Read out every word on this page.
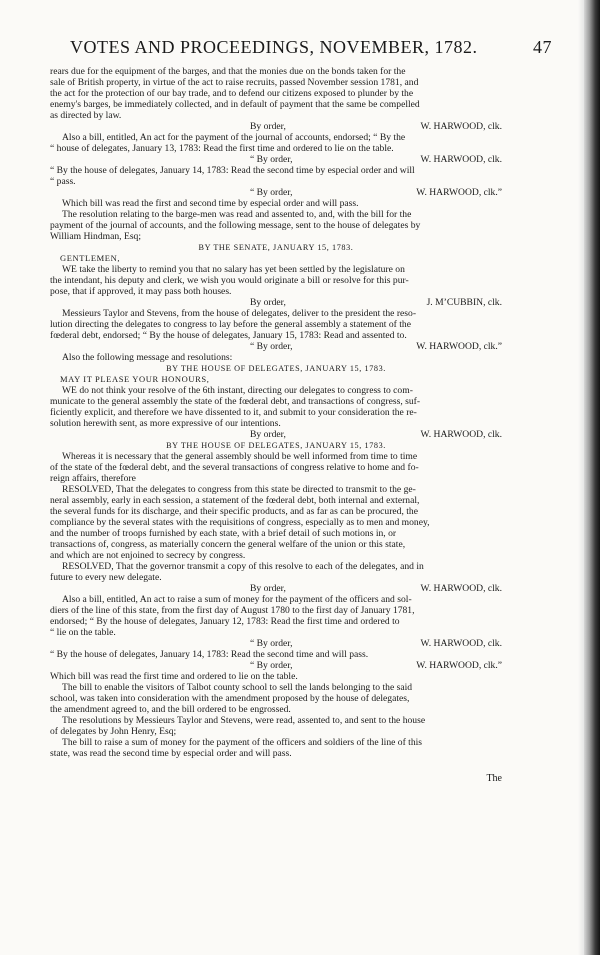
VOTES AND PROCEEDINGS, NOVEMBER, 1782.	47

rears due for the equipment of the barges, and that the monies due on the bonds taken for the

sale of British property, in virtue of the act to raise recruits, passed November session 1781, and

the act for the protection of our bay trade, and to defend our citizens exposed to plunder by the

enemy's barges, be immediately collected, and in default of payment that the same be compelled

as directed by law.

By order,	W. HARWOOD, clk.

Also a bill, entitled, An act for the payment of the journal of accounts, endorsed; “ By the

“ house of delegates, January 13, 1783: Read the first time and ordered to lie on the table.

“ By order,	W. HARWOOD, clk.

“ By the house of delegates, January 14, 1783: Read the second time by especial order and will

“ pass.

“ By order,	W. HARWOOD, clk.”

Which bill was read the first and second time by especial order and will pass.

The resolution relating to the barge-men was read and assented to, and, with the bill for the

payment of the journal of accounts, and the following message, sent to the house of delegates by

William Hindman, Esq;

BY THE SENATE, JANUARY 15, 1783.

GENTLEMEN,

WE take the liberty to remind you that no salary has yet been settled by the legislature on

the intendant, his deputy and clerk, we wish you would originate a bill or resolve for this pur-

pose, that if approved, it may pass both houses.

By order,	J. M’CUBBIN, clk.

Messieurs Taylor and Stevens, from the house of delegates, deliver to the president the reso-

lution directing the delegates to congress to lay before the general assembly a statement of the

fœderal debt, endorsed; “ By the house of delegates, January 15, 1783: Read and assented to.

“ By order,	W. HARWOOD, clk.”

Also the following message and resolutions:

BY THE HOUSE OF DELEGATES, JANUARY 15, 1783.

MAY IT PLEASE YOUR HONOURS,

WE do not think your resolve of the 6th instant, directing our delegates to congress to com-

municate to the general assembly the state of the fœderal debt, and transactions of congress, suf-

ficiently explicit, and therefore we have dissented to it, and submit to your consideration the re-

solution herewith sent, as more expressive of our intentions.

By order,	W. HARWOOD, clk.

BY THE HOUSE OF DELEGATES, JANUARY 15, 1783.

Whereas it is necessary that the general assembly should be well informed from time to time

of the state of the fœderal debt, and the several transactions of congress relative to home and fo-

reign affairs, therefore

RESOLVED, That the delegates to congress from this state be directed to transmit to the ge-

neral assembly, early in each session, a statement of the fœderal debt, both internal and external,

the several funds for its discharge, and their specific products, and as far as can be procured, the

compliance by the several states with the requisitions of congress, especially as to men and money,

and the number of troops furnished by each state, with a brief detail of such motions in, or

transactions of, congress, as materially concern the general welfare of the union or this state,

and which are not enjoined to secrecy by congress.

RESOLVED, That the governor transmit a copy of this resolve to each of the delegates, and in

future to every new delegate.

By order,	W. HARWOOD, clk.

Also a bill, entitled, An act to raise a sum of money for the payment of the officers and sol-

diers of the line of this state, from the first day of August 1780 to the first day of January 1781,

endorsed; “ By the house of delegates, January 12, 1783: Read the first time and ordered to

“ lie on the table.

“ By order,	W. HARWOOD, clk.

“ By the house of delegates, January 14, 1783: Read the second time and will pass.

“ By order,	W. HARWOOD, clk.”

Which bill was read the first time and ordered to lie on the table.

The bill to enable the visitors of Talbot county school to sell the lands belonging to the said

school, was taken into consideration with the amendment proposed by the house of delegates,

the amendment agreed to, and the bill ordered to be engrossed.

The resolutions by Messieurs Taylor and Stevens, were read, assented to, and sent to the house

of delegates by John Henry, Esq;

The bill to raise a sum of money for the payment of the officers and soldiers of the line of this

state, was read the second time by especial order and will pass.

The
